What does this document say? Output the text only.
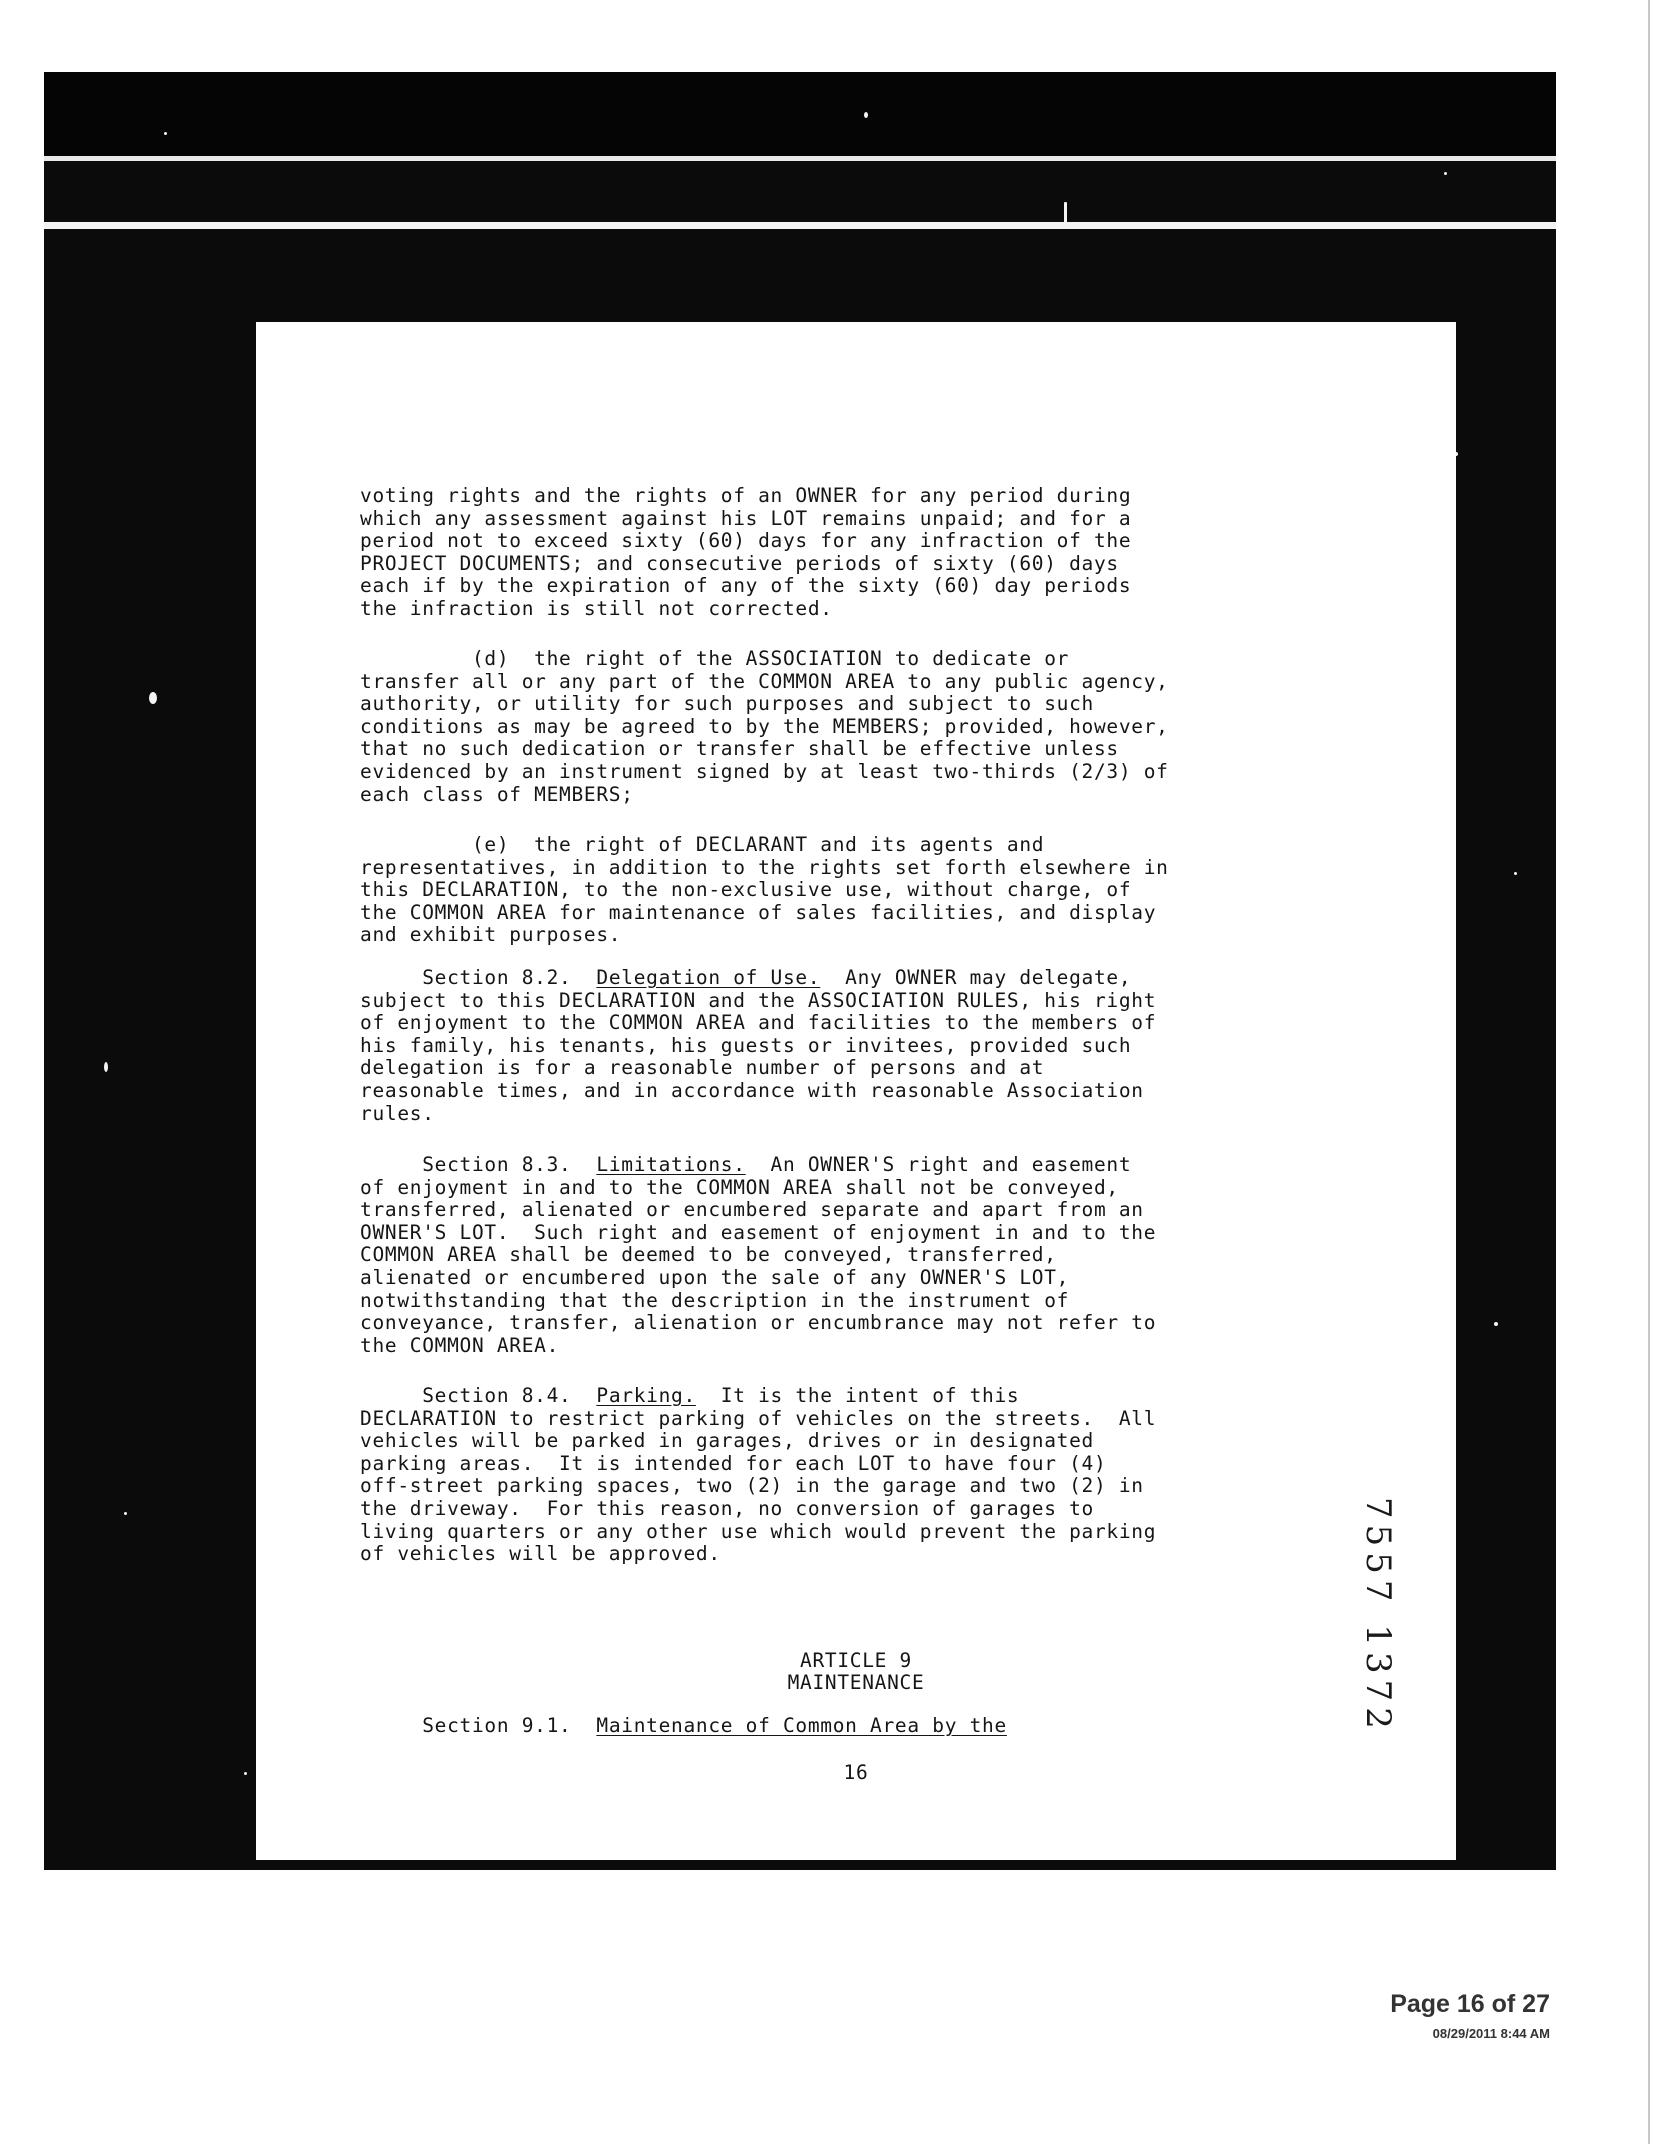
voting rights and the rights of an OWNER for any period during
which any assessment against his LOT remains unpaid; and for a
period not to exceed sixty (60) days for any infraction of the
PROJECT DOCUMENTS; and consecutive periods of sixty (60) days
each if by the expiration of any of the sixty (60) day periods
the infraction is still not corrected.
(d)  the right of the ASSOCIATION to dedicate or
transfer all or any part of the COMMON AREA to any public agency,
authority, or utility for such purposes and subject to such
conditions as may be agreed to by the MEMBERS; provided, however,
that no such dedication or transfer shall be effective unless
evidenced by an instrument signed by at least two-thirds (2/3) of
each class of MEMBERS;
(e)  the right of DECLARANT and its agents and
representatives, in addition to the rights set forth elsewhere in
this DECLARATION, to the non-exclusive use, without charge, of
the COMMON AREA for maintenance of sales facilities, and display
and exhibit purposes.
Section 8.2.  Delegation of Use.  Any OWNER may delegate,
subject to this DECLARATION and the ASSOCIATION RULES, his right
of enjoyment to the COMMON AREA and facilities to the members of
his family, his tenants, his guests or invitees, provided such
delegation is for a reasonable number of persons and at
reasonable times, and in accordance with reasonable Association
rules.
Section 8.3.  Limitations.  An OWNER'S right and easement
of enjoyment in and to the COMMON AREA shall not be conveyed,
transferred, alienated or encumbered separate and apart from an
OWNER'S LOT.  Such right and easement of enjoyment in and to the
COMMON AREA shall be deemed to be conveyed, transferred,
alienated or encumbered upon the sale of any OWNER'S LOT,
notwithstanding that the description in the instrument of
conveyance, transfer, alienation or encumbrance may not refer to
the COMMON AREA.
Section 8.4.  Parking.  It is the intent of this
DECLARATION to restrict parking of vehicles on the streets.  All
vehicles will be parked in garages, drives or in designated
parking areas.  It is intended for each LOT to have four (4)
off-street parking spaces, two (2) in the garage and two (2) in
the driveway.  For this reason, no conversion of garages to
living quarters or any other use which would prevent the parking
of vehicles will be approved.
ARTICLE 9
MAINTENANCE
Section 9.1.  Maintenance of Common Area by the
16
7557 1372
Page 16 of 27
08/29/2011 8:44 AM
